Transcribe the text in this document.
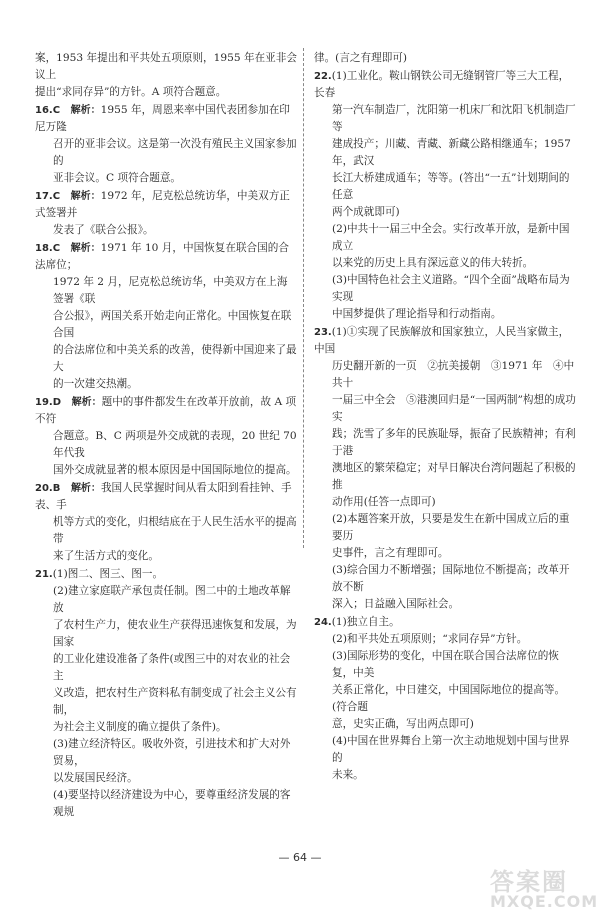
案，1953 年提出和平共处五项原则，1955 年在亚非会议上
提出“求同存异”的方针。A 项符合题意。
16.C  解析：1955 年，周恩来率中国代表团参加在印尼万隆
召开的亚非会议。这是第一次没有殖民主义国家参加的
亚非会议。C 项符合题意。
17.C  解析：1972 年，尼克松总统访华，中美双方正式签署并
发表了《联合公报》。
18.C  解析：1971 年 10 月，中国恢复在联合国的合法席位；
1972 年 2 月，尼克松总统访华，中美双方在上海签署《联
合公报》，两国关系开始走向正常化。中国恢复在联合国
的合法席位和中美关系的改善，使得新中国迎来了最大
的一次建交热潮。
19.D  解析：题中的事件都发生在改革开放前，故 A 项不符
合题意。B、C 两项是外交成就的表现，20 世纪 70 年代我
国外交成就显著的根本原因是中国国际地位的提高。
20.B  解析：我国人民掌握时间从看太阳到看挂钟、手表、手
机等方式的变化，归根结底在于人民生活水平的提高带
来了生活方式的变化。
21.(1)图二、图三、图一。
(2)建立家庭联产承包责任制。图二中的土地改革解放
了农村生产力，使农业生产获得迅速恢复和发展，为国家
的工业化建设准备了条件(或图三中的对农业的社会主
义改造，把农村生产资料私有制变成了社会主义公有制，
为社会主义制度的确立提供了条件)。
(3)建立经济特区。吸收外资，引进技术和扩大对外贸易，
以发展国民经济。
(4)要坚持以经济建设为中心，要尊重经济发展的客观规
律。(言之有理即可)
22.(1)工业化。鞍山钢铁公司无缝钢管厂等三大工程，长春
第一汽车制造厂，沈阳第一机床厂和沈阳飞机制造厂等
建成投产；川藏、青藏、新藏公路相继通车；1957 年，武汉
长江大桥建成通车；等等。(答出“一五”计划期间的任意
两个成就即可)
(2)中共十一届三中全会。实行改革开放，是新中国成立
以来党的历史上具有深远意义的伟大转折。
(3)中国特色社会主义道路。“四个全面”战略布局为实现
中国梦提供了理论指导和行动指南。
23.(1)①实现了民族解放和国家独立，人民当家做主，中国
历史翻开新的一页　②抗美援朝　③1971 年　④中共十
一届三中全会　⑤港澳回归是“一国两制”构想的成功实
践；洗雪了多年的民族耻辱，振奋了民族精神；有利于港
澳地区的繁荣稳定；对早日解决台湾问题起了积极的推
动作用(任答一点即可)
(2)本题答案开放，只要是发生在新中国成立后的重要历
史事件，言之有理即可。
(3)综合国力不断增强；国际地位不断提高；改革开放不断
深入；日益融入国际社会。
24.(1)独立自主。
(2)和平共处五项原则；“求同存异”方针。
(3)国际形势的变化，中国在联合国合法席位的恢复，中美
关系正常化，中日建交，中国国际地位的提高等。(符合题
意，史实正确，写出两点即可)
(4)中国在世界舞台上第一次主动地规划中国与世界的
未来。
— 64 —
答案圈
MXQE.COM
